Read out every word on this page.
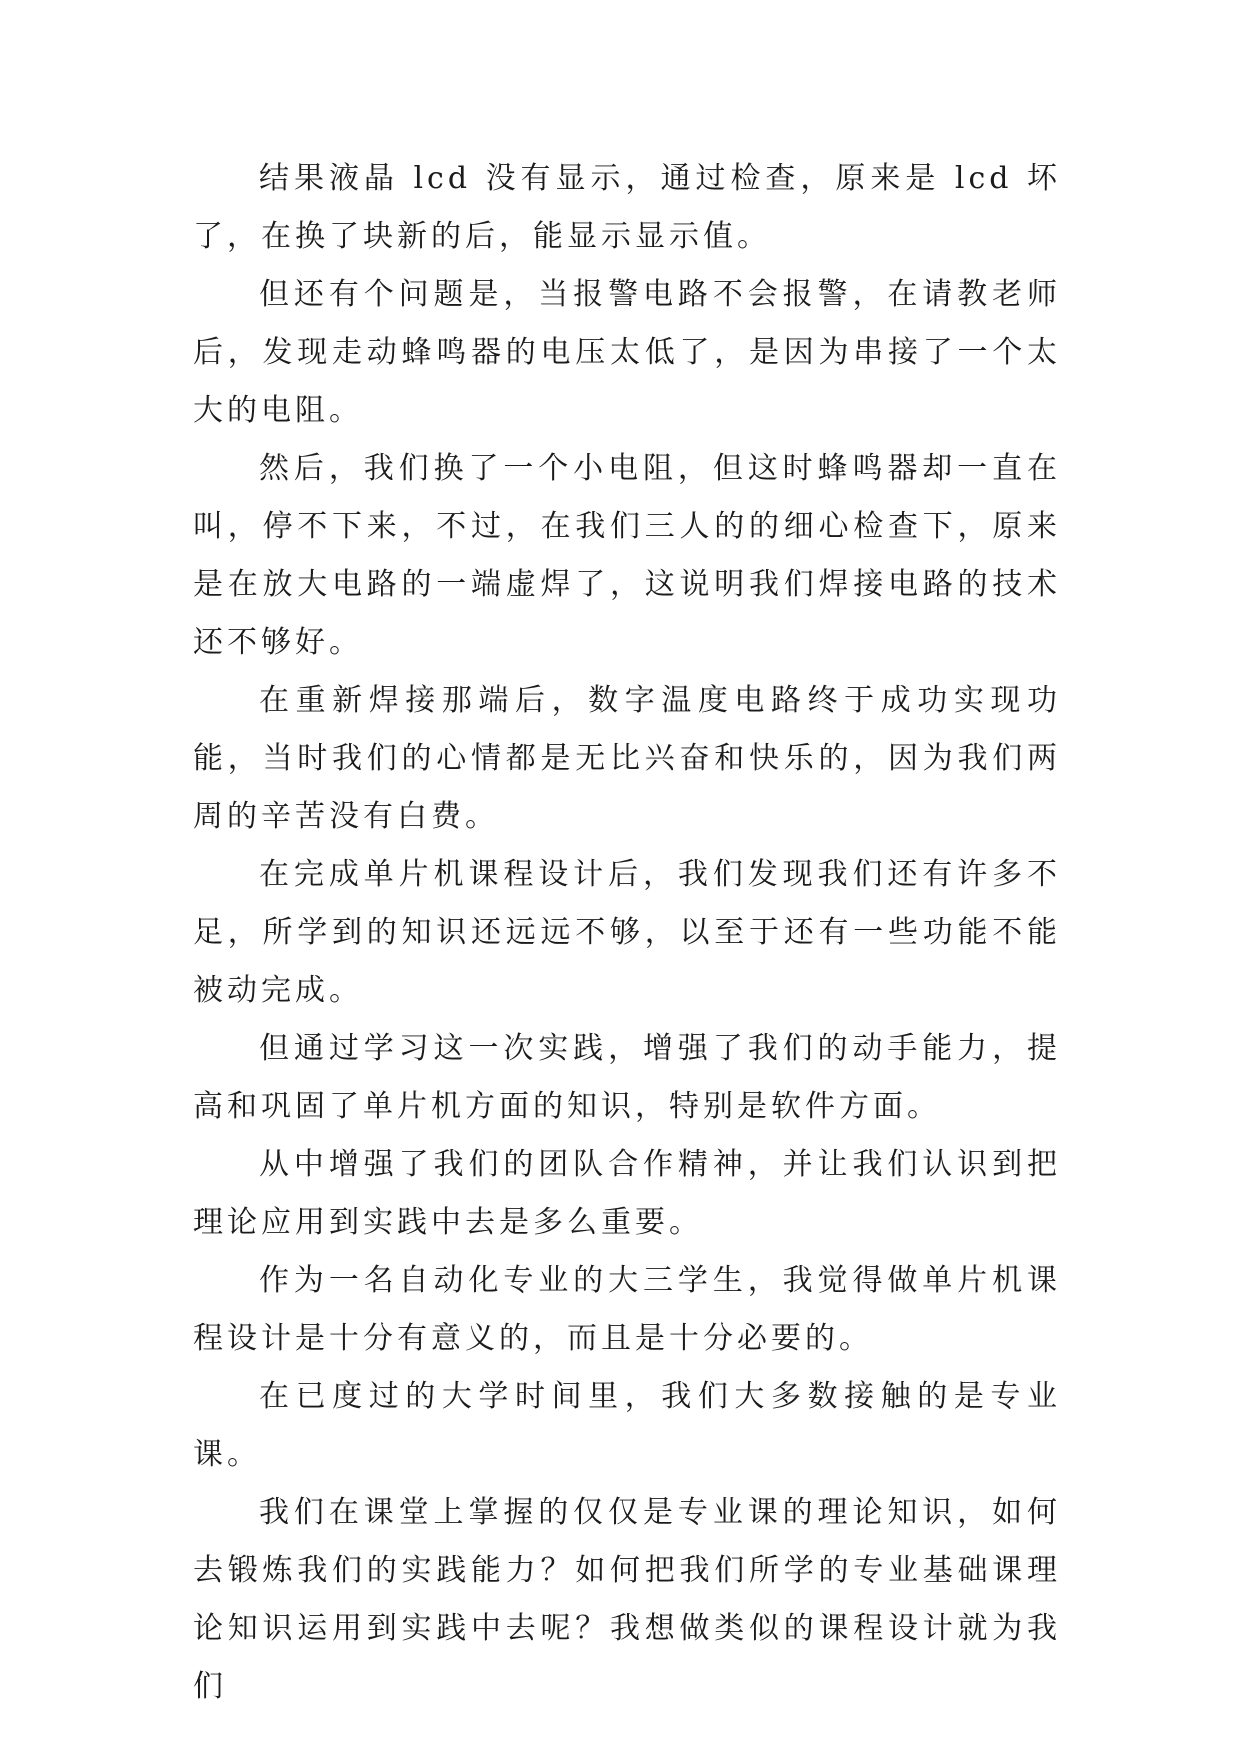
结果液晶 lcd 没有显示，通过检查，原来是 lcd 坏了，在换了块新的后，能显示显示值。

但还有个问题是，当报警电路不会报警，在请教老师后，发现走动蜂鸣器的电压太低了，是因为串接了一个太大的电阻。

然后，我们换了一个小电阻，但这时蜂鸣器却一直在叫，停不下来，不过，在我们三人的的细心检查下，原来是在放大电路的一端虚焊了，这说明我们焊接电路的技术还不够好。

在重新焊接那端后，数字温度电路终于成功实现功能，当时我们的心情都是无比兴奋和快乐的，因为我们两周的辛苦没有白费。

在完成单片机课程设计后，我们发现我们还有许多不足，所学到的知识还远远不够，以至于还有一些功能不能被动完成。

但通过学习这一次实践，增强了我们的动手能力，提高和巩固了单片机方面的知识，特别是软件方面。

从中增强了我们的团队合作精神，并让我们认识到把理论应用到实践中去是多么重要。

作为一名自动化专业的大三学生，我觉得做单片机课程设计是十分有意义的，而且是十分必要的。

在已度过的大学时间里，我们大多数接触的是专业课。

我们在课堂上掌握的仅仅是专业课的理论知识，如何去锻炼我们的实践能力？如何把我们所学的专业基础课理论知识运用到实践中去呢？我想做类似的课程设计就为我们
